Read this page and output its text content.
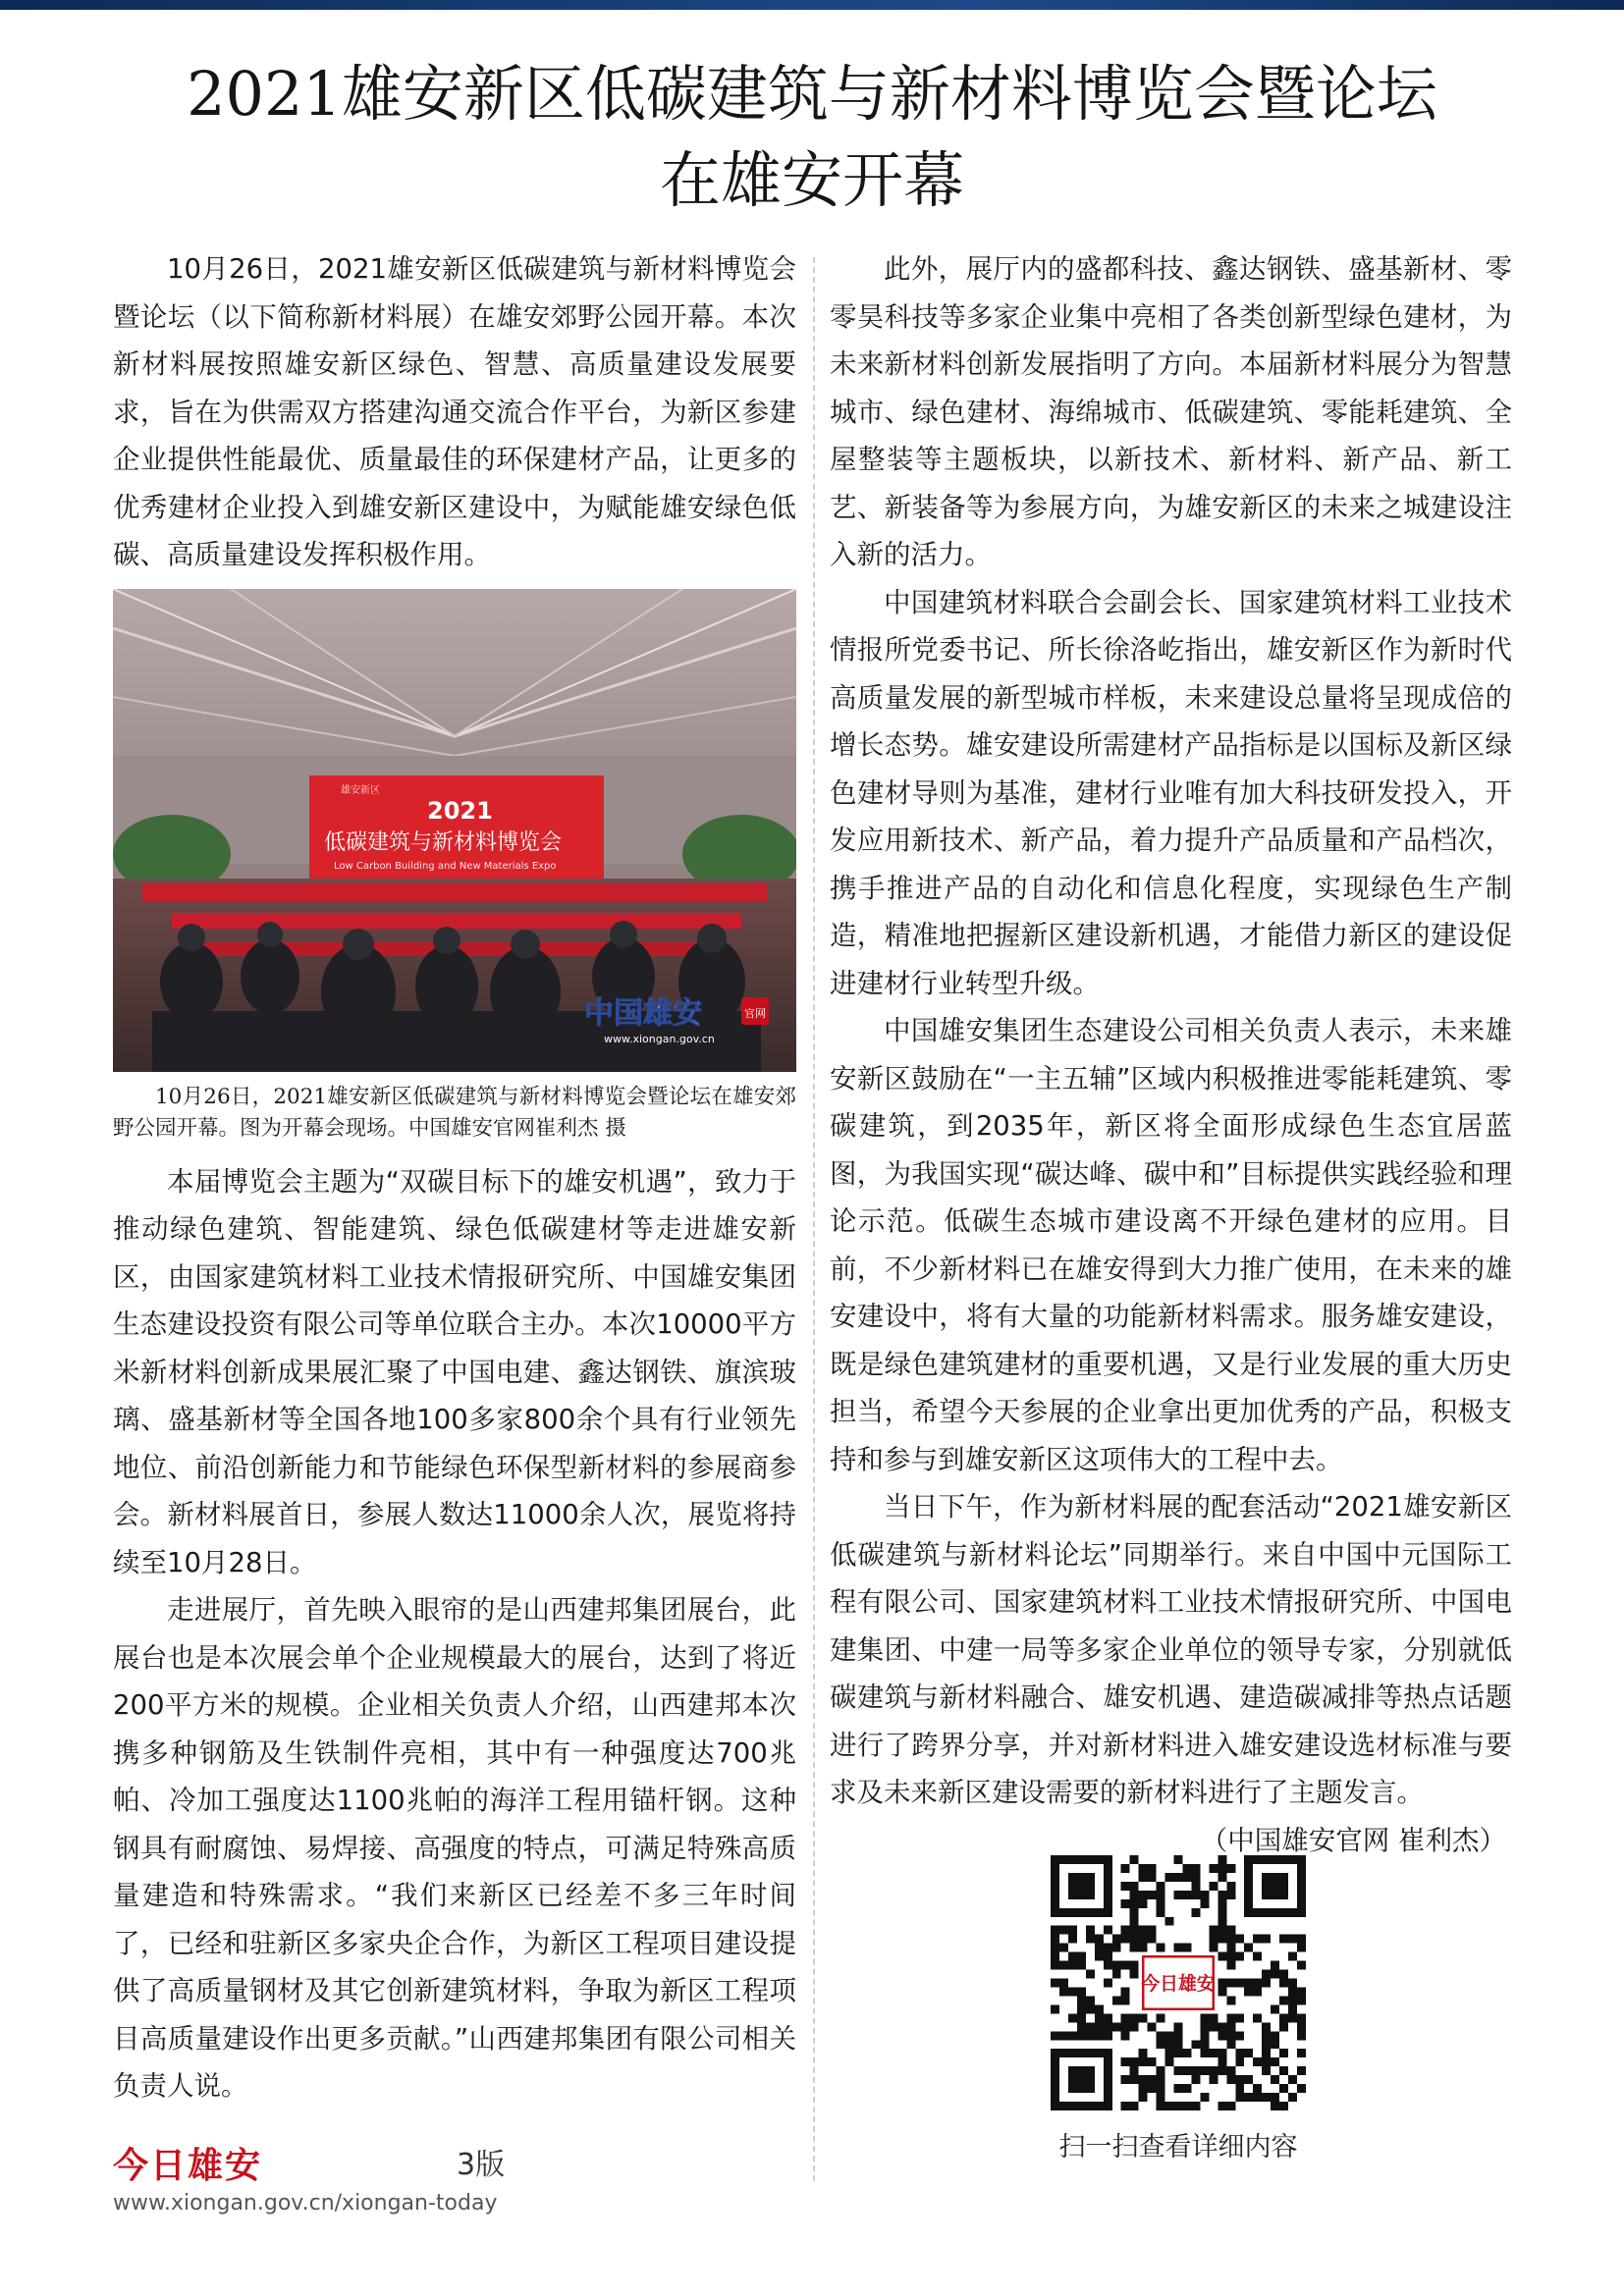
2021雄安新区低碳建筑与新材料博览会暨论坛
在雄安开幕

10月26日，2021雄安新区低碳建筑与新材料博览会暨论坛（以下简称新材料展）在雄安郊野公园开幕。本次新材料展按照雄安新区绿色、智慧、高质量建设发展要求，旨在为供需双方搭建沟通交流合作平台，为新区参建企业提供性能最优、质量最佳的环保建材产品，让更多的优秀建材企业投入到雄安新区建设中，为赋能雄安绿色低碳、高质量建设发挥积极作用。

雄安新区
2021
低碳建筑与新材料博览会
Low Carbon Building and New Materials Expo
中国雄安	官网
www.xiongan.gov.cn
10月26日，2021雄安新区低碳建筑与新材料博览会暨论坛在雄安郊野公园开幕。图为开幕会现场。中国雄安官网崔利杰 摄

本届博览会主题为“双碳目标下的雄安机遇”，致力于推动绿色建筑、智能建筑、绿色低碳建材等走进雄安新区，由国家建筑材料工业技术情报研究所、中国雄安集团生态建设投资有限公司等单位联合主办。本次10000平方米新材料创新成果展汇聚了中国电建、鑫达钢铁、旗滨玻璃、盛基新材等全国各地100多家800余个具有行业领先地位、前沿创新能力和节能绿色环保型新材料的参展商参会。新材料展首日，参展人数达11000余人次，展览将持续至10月28日。

走进展厅，首先映入眼帘的是山西建邦集团展台，此展台也是本次展会单个企业规模最大的展台，达到了将近200平方米的规模。企业相关负责人介绍，山西建邦本次携多种钢筋及生铁制件亮相，其中有一种强度达700兆帕、冷加工强度达1100兆帕的海洋工程用锚杆钢。这种钢具有耐腐蚀、易焊接、高强度的特点，可满足特殊高质量建造和特殊需求。“我们来新区已经差不多三年时间了，已经和驻新区多家央企合作，为新区工程项目建设提供了高质量钢材及其它创新建筑材料，争取为新区工程项目高质量建设作出更多贡献。”山西建邦集团有限公司相关负责人说。

此外，展厅内的盛都科技、鑫达钢铁、盛基新材、零零昊科技等多家企业集中亮相了各类创新型绿色建材，为未来新材料创新发展指明了方向。本届新材料展分为智慧城市、绿色建材、海绵城市、低碳建筑、零能耗建筑、全屋整装等主题板块，以新技术、新材料、新产品、新工艺、新装备等为参展方向，为雄安新区的未来之城建设注入新的活力。

中国建筑材料联合会副会长、国家建筑材料工业技术情报所党委书记、所长徐洛屹指出，雄安新区作为新时代高质量发展的新型城市样板，未来建设总量将呈现成倍的增长态势。雄安建设所需建材产品指标是以国标及新区绿色建材导则为基准，建材行业唯有加大科技研发投入，开发应用新技术、新产品，着力提升产品质量和产品档次，携手推进产品的自动化和信息化程度，实现绿色生产制造，精准地把握新区建设新机遇，才能借力新区的建设促进建材行业转型升级。

中国雄安集团生态建设公司相关负责人表示，未来雄安新区鼓励在“一主五辅”区域内积极推进零能耗建筑、零碳建筑，到2035年，新区将全面形成绿色生态宜居蓝图，为我国实现“碳达峰、碳中和”目标提供实践经验和理论示范。低碳生态城市建设离不开绿色建材的应用。目前，不少新材料已在雄安得到大力推广使用，在未来的雄安建设中，将有大量的功能新材料需求。服务雄安建设，既是绿色建筑建材的重要机遇，又是行业发展的重大历史担当，希望今天参展的企业拿出更加优秀的产品，积极支持和参与到雄安新区这项伟大的工程中去。

当日下午，作为新材料展的配套活动“2021雄安新区低碳建筑与新材料论坛”同期举行。来自中国中元国际工程有限公司、国家建筑材料工业技术情报研究所、中国电建集团、中建一局等多家企业单位的领导专家，分别就低碳建筑与新材料融合、雄安机遇、建造碳减排等热点话题进行了跨界分享，并对新材料进入雄安建设选材标准与要求及未来新区建设需要的新材料进行了主题发言。

（中国雄安官网 崔利杰）
今日雄安
扫一扫查看详细内容
今日雄安	3版
www.xiongan.gov.cn/xiongan-today
